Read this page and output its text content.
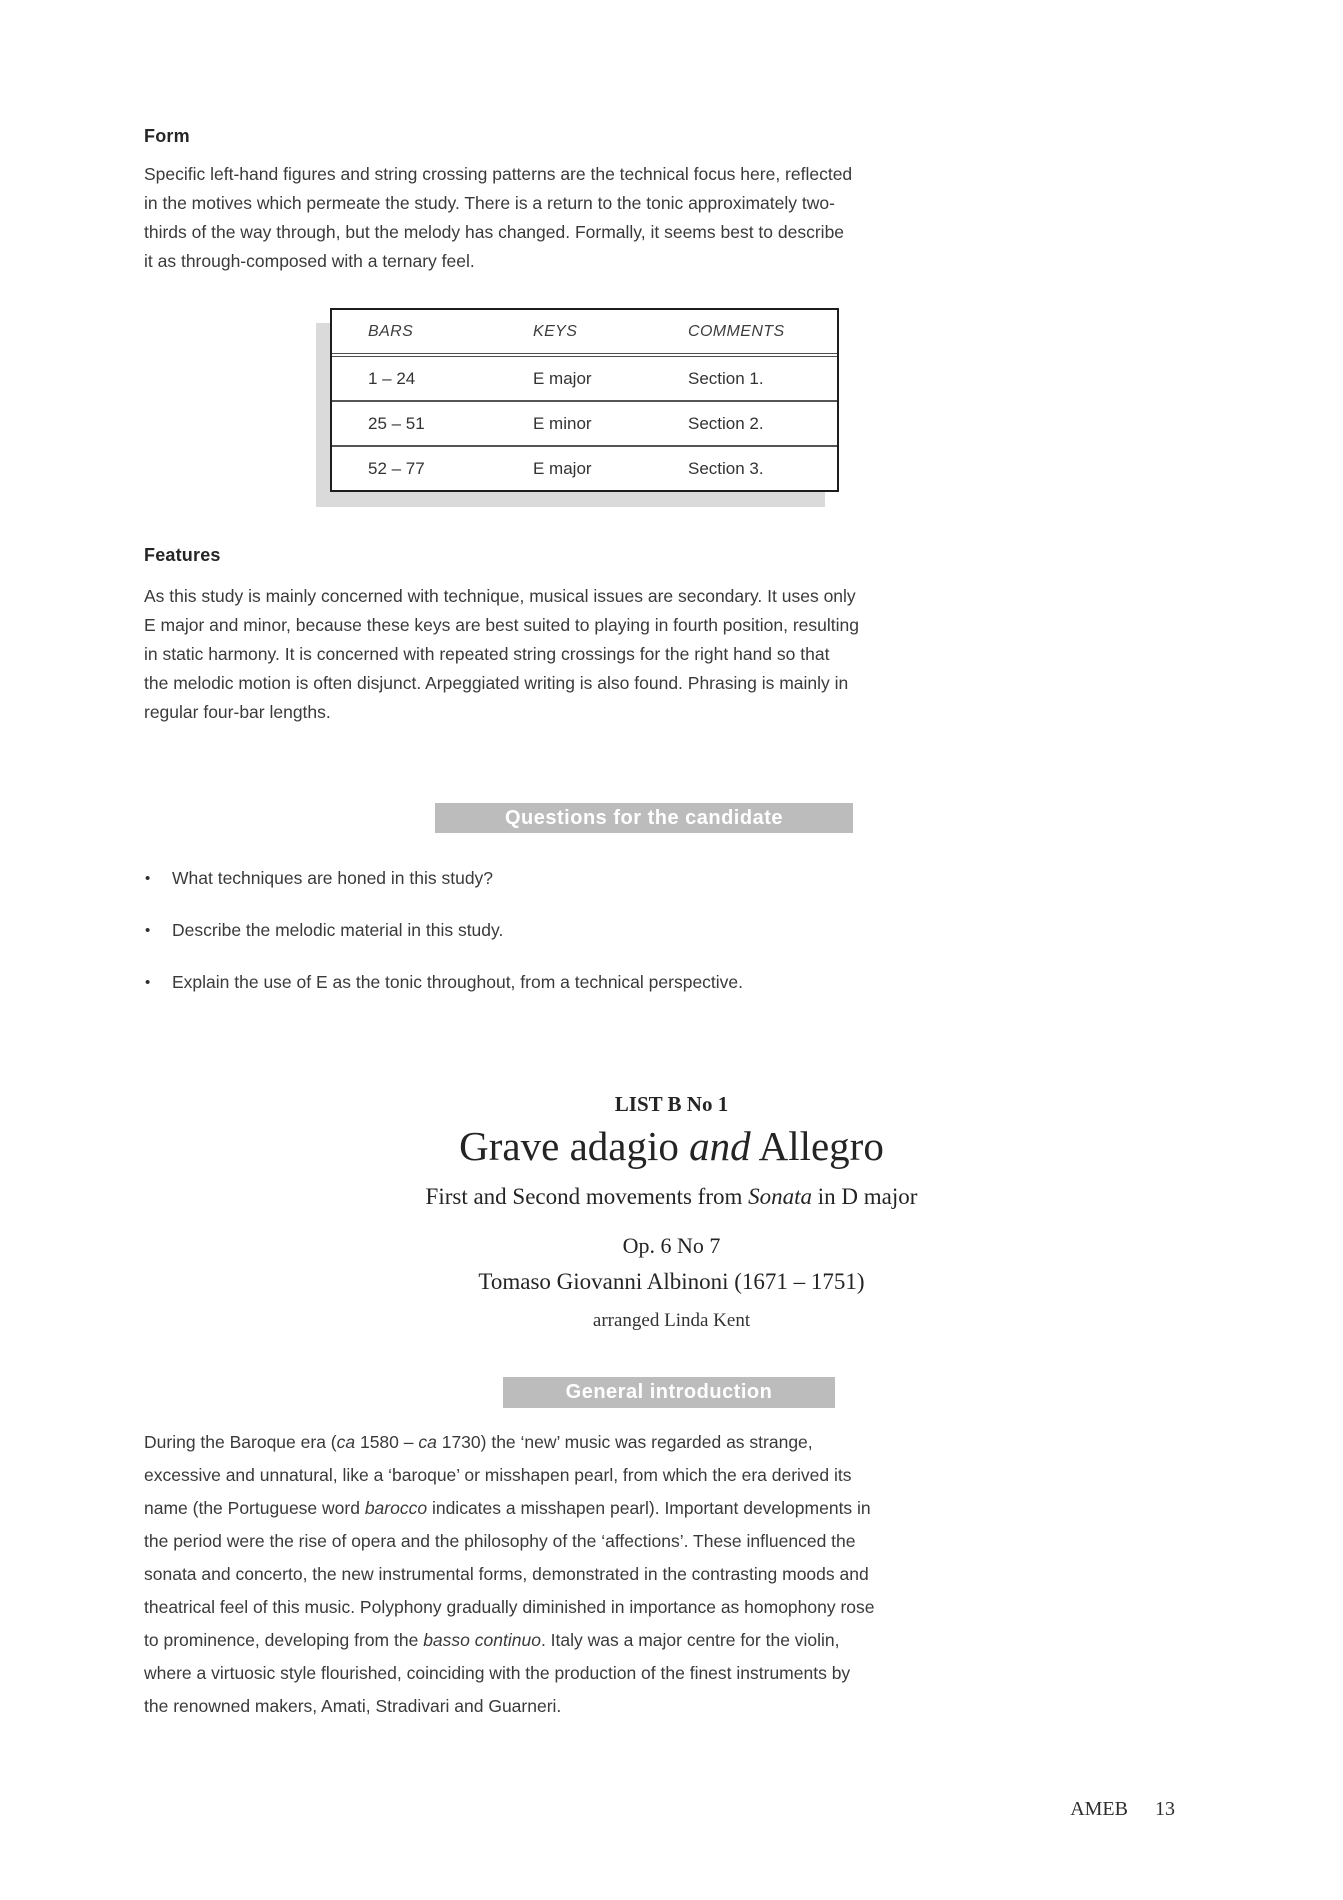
Form
Specific left-hand figures and string crossing patterns are the technical focus here, reflected
in the motives which permeate the study. There is a return to the tonic approximately two-
thirds of the way through, but the melody has changed. Formally, it seems best to describe
it as through-composed with a ternary feel.
BARS	KEYS	COMMENTS
1 – 24	E major	Section 1.
25 – 51	E minor	Section 2.
52 – 77	E major	Section 3.
Features
As this study is mainly concerned with technique, musical issues are secondary. It uses only
E major and minor, because these keys are best suited to playing in fourth position, resulting
in static harmony. It is concerned with repeated string crossings for the right hand so that
the melodic motion is often disjunct. Arpeggiated writing is also found. Phrasing is mainly in
regular four-bar lengths.
Questions for the candidate
•	What techniques are honed in this study?
•	Describe the melodic material in this study.
•	Explain the use of E as the tonic throughout, from a technical perspective.
LIST B No 1
Grave adagio and Allegro
First and Second movements from Sonata in D major
Op. 6 No 7
Tomaso Giovanni Albinoni (1671 – 1751)
arranged Linda Kent
General introduction
During the Baroque era (ca 1580 – ca 1730) the ‘new’ music was regarded as strange,
excessive and unnatural, like a ‘baroque’ or misshapen pearl, from which the era derived its
name (the Portuguese word barocco indicates a misshapen pearl). Important developments in
the period were the rise of opera and the philosophy of the ‘affections’. These influenced the
sonata and concerto, the new instrumental forms, demonstrated in the contrasting moods and
theatrical feel of this music. Polyphony gradually diminished in importance as homophony rose
to prominence, developing from the basso continuo. Italy was a major centre for the violin,
where a virtuosic style flourished, coinciding with the production of the finest instruments by
the renowned makers, Amati, Stradivari and Guarneri.
AMEB 13
